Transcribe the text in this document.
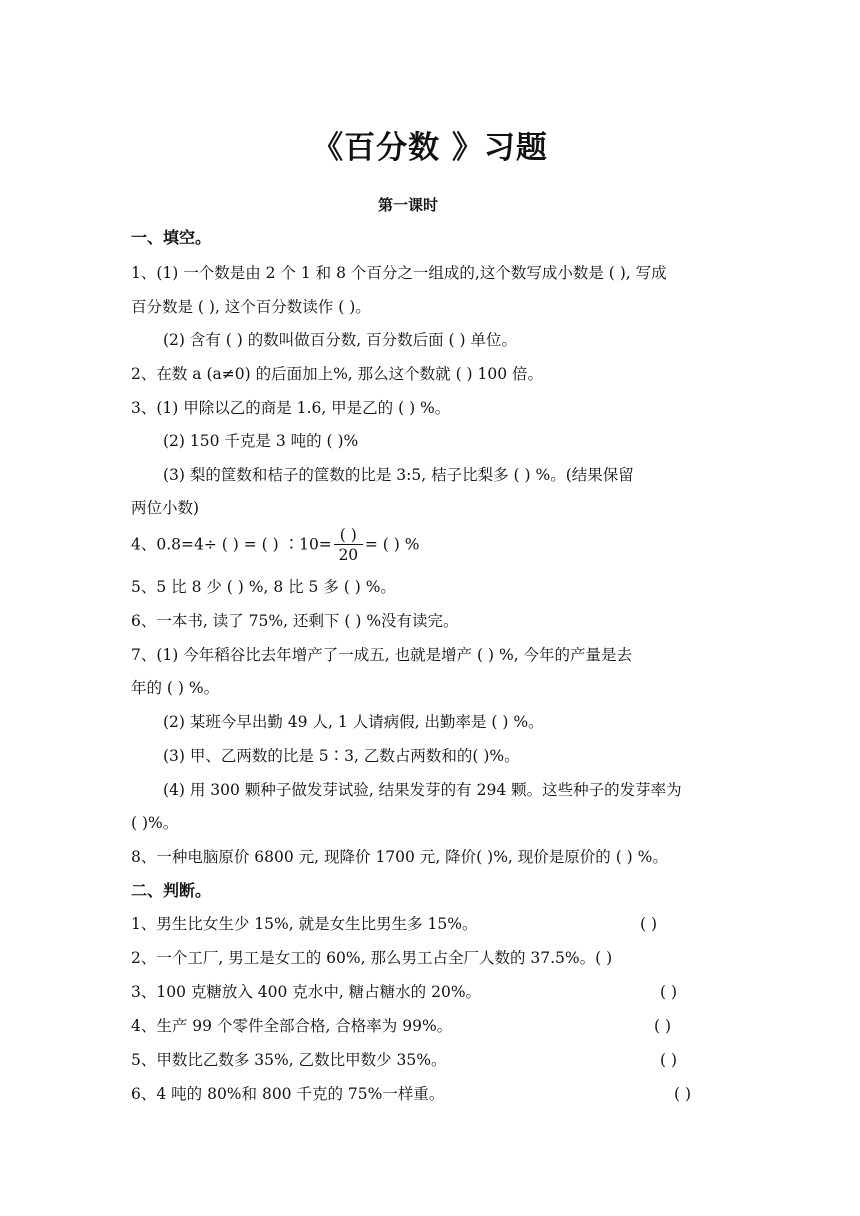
《百分数 》习题
第一课时
一、填空。
1、(1) 一个数是由 2 个 1 和 8 个百分之一组成的,这个数写成小数是 ( ), 写成
百分数是 ( ), 这个百分数读作 ( )。
(2) 含有 ( ) 的数叫做百分数, 百分数后面 ( ) 单位。
2、在数 a (a≠0) 的后面加上%, 那么这个数就 ( ) 100 倍。
3、(1) 甲除以乙的商是 1.6, 甲是乙的 ( ) %。
(2) 150 千克是 3 吨的 ( )%
(3) 梨的筐数和桔子的筐数的比是 3:5, 桔子比梨多 ( ) %。(结果保留
两位小数)
4、0.8=4÷ ( ) = ( ) ∶10= $\frac{( )}{20}$ = ( ) %
5、5 比 8 少 ( ) %, 8 比 5 多 ( ) %。
6、一本书, 读了 75%, 还剩下 ( ) %没有读完。
7、(1) 今年稻谷比去年增产了一成五, 也就是增产 ( ) %, 今年的产量是去
年的 ( ) %。
(2) 某班今早出勤 49 人, 1 人请病假, 出勤率是 ( ) %。
(3) 甲、乙两数的比是 5∶3, 乙数占两数和的( )%。
(4) 用 300 颗种子做发芽试验, 结果发芽的有 294 颗。这些种子的发芽率为
( )%。
8、一种电脑原价 6800 元, 现降价 1700 元, 降价( )%, 现价是原价的 ( ) %。
二、判断。
1、男生比女生少 15%, 就是女生比男生多 15%。	( )
2、一个工厂, 男工是女工的 60%, 那么男工占全厂人数的 37.5%。( )
3、100 克糖放入 400 克水中, 糖占糖水的 20%。	( )
4、生产 99 个零件全部合格, 合格率为 99%。	( )
5、甲数比乙数多 35%, 乙数比甲数少 35%。	( )
6、4 吨的 80%和 800 千克的 75%一样重。	( )
